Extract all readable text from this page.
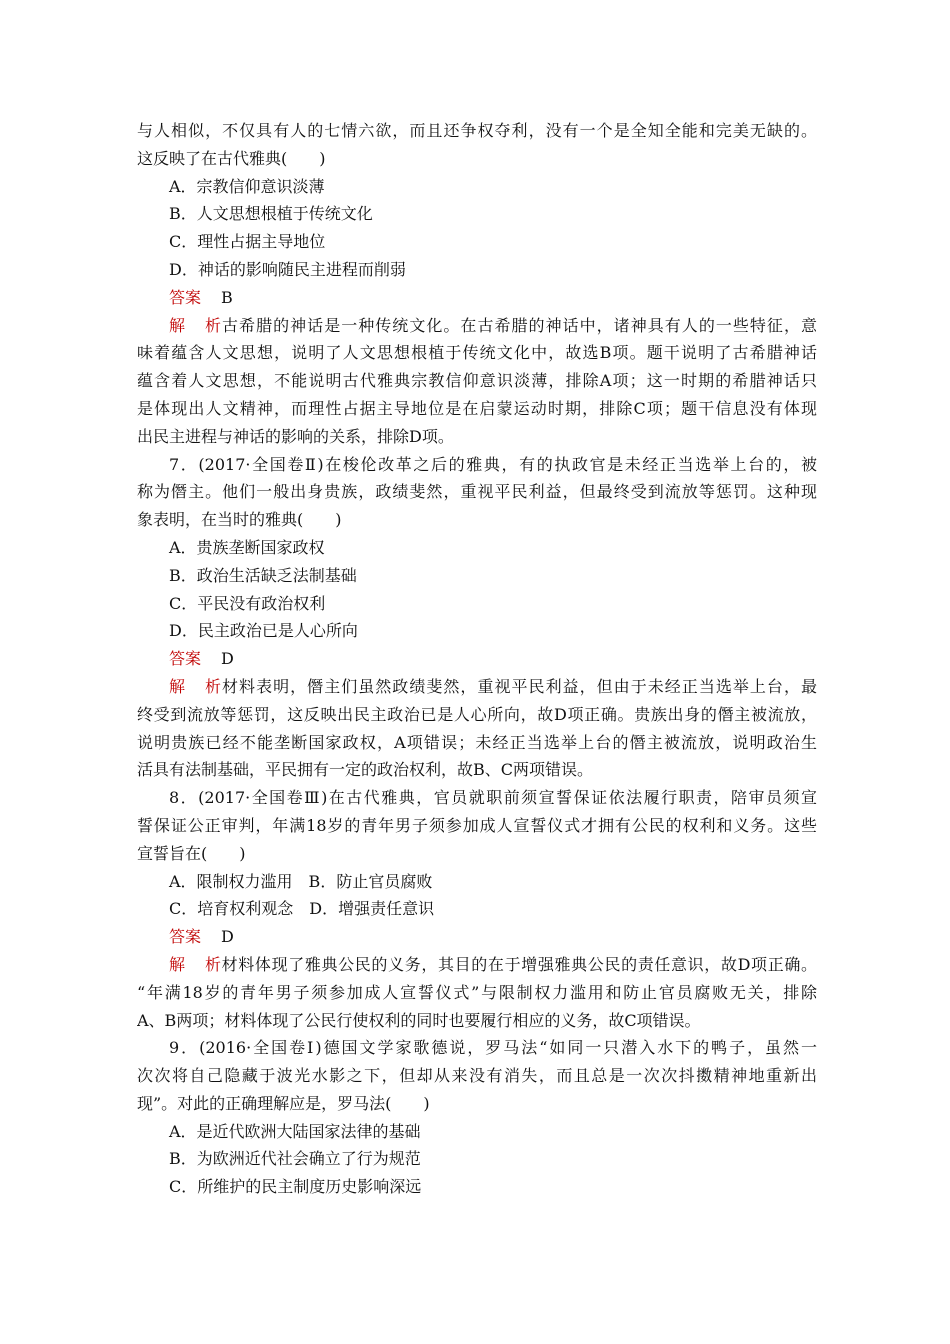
与人相似，不仅具有人的七情六欲，而且还争权夺利，没有一个是全知全能和完美无缺的。
这反映了在古代雅典(　　)
A．宗教信仰意识淡薄
B．人文思想根植于传统文化
C．理性占据主导地位
D．神话的影响随民主进程而削弱
答案 B
解析古希腊的神话是一种传统文化。在古希腊的神话中，诸神具有人的一些特征，意
味着蕴含人文思想，说明了人文思想根植于传统文化中，故选B项。题干说明了古希腊神话
蕴含着人文思想，不能说明古代雅典宗教信仰意识淡薄，排除A项；这一时期的希腊神话只
是体现出人文精神，而理性占据主导地位是在启蒙运动时期，排除C项；题干信息没有体现
出民主进程与神话的影响的关系，排除D项。
7．(2017·全国卷Ⅱ)在梭伦改革之后的雅典，有的执政官是未经正当选举上台的，被
称为僭主。他们一般出身贵族，政绩斐然，重视平民利益，但最终受到流放等惩罚。这种现
象表明，在当时的雅典(　　)
A．贵族垄断国家政权
B．政治生活缺乏法制基础
C．平民没有政治权利
D．民主政治已是人心所向
答案 D
解析材料表明，僭主们虽然政绩斐然，重视平民利益，但由于未经正当选举上台，最
终受到流放等惩罚，这反映出民主政治已是人心所向，故D项正确。贵族出身的僭主被流放，
说明贵族已经不能垄断国家政权，A项错误；未经正当选举上台的僭主被流放，说明政治生
活具有法制基础，平民拥有一定的政治权利，故B、C两项错误。
8．(2017·全国卷Ⅲ)在古代雅典，官员就职前须宣誓保证依法履行职责，陪审员须宣
誓保证公正审判，年满18岁的青年男子须参加成人宣誓仪式才拥有公民的权利和义务。这些
宣誓旨在(　　)
A．限制权力滥用　B．防止官员腐败
C．培育权利观念　D．增强责任意识
答案 D
解析材料体现了雅典公民的义务，其目的在于增强雅典公民的责任意识，故D项正确。
“年满18岁的青年男子须参加成人宣誓仪式”与限制权力滥用和防止官员腐败无关，排除
A、B两项；材料体现了公民行使权利的同时也要履行相应的义务，故C项错误。
9．(2016·全国卷Ⅰ)德国文学家歌德说，罗马法“如同一只潜入水下的鸭子，虽然一
次次将自己隐藏于波光水影之下，但却从来没有消失，而且总是一次次抖擞精神地重新出
现”。对此的正确理解应是，罗马法(　　)
A．是近代欧洲大陆国家法律的基础
B．为欧洲近代社会确立了行为规范
C．所维护的民主制度历史影响深远
